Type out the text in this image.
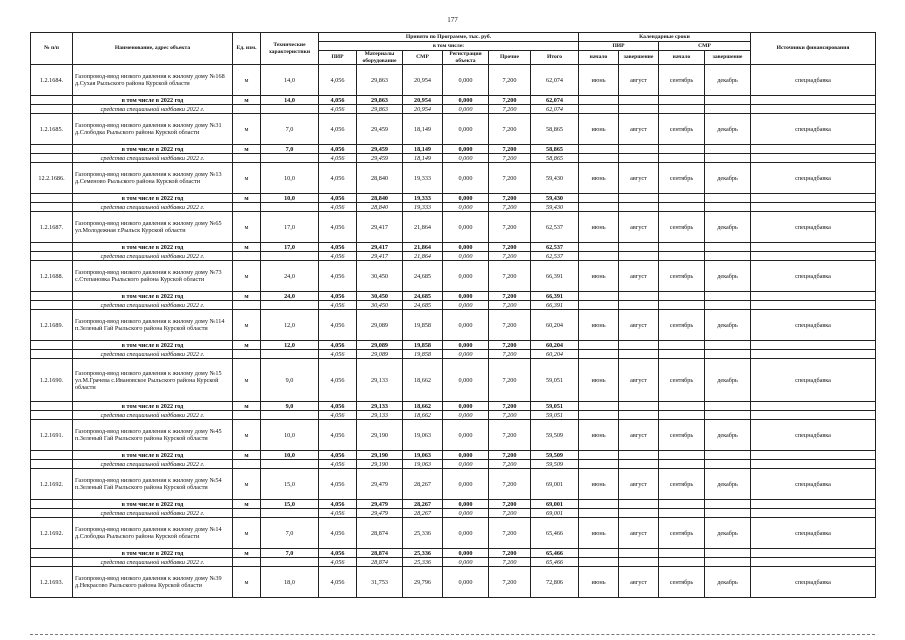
177
№ п/п	Наименование, адрес объекта	Ед. изм.	Технические характеристики	Принято по Программе, тыс. руб.						Календарные сроки				Источники финансирования
				в том числе:						ПИР		СМР		
				ПИР	Материалы оборудование	СМР	Регистрация объекта	Прочие	Итого	начало	завершение	начало	завершение	
1.2.1684.	Газопровод-ввод низкого давления к жилому дому №168 д.Сухая Рыльского района Курской области	м	14,0	4,056	29,863	20,954	0,000	7,200	62,074	июнь	август	сентябрь	декабрь	спецнадбавка
	в том числе в 2022 год	м	14,0	4,056	29,863	20,954	0,000	7,200	62,074					
	средства специальной надбавки 2022 г.			4,056	29,863	20,954	0,000	7,200	62,074					
1.2.1685.	Газопровод-ввод низкого давления к жилому дому №31 д.Слободка Рыльского района Курской области	м	7,0	4,056	29,459	18,149	0,000	7,200	58,865	июнь	август	сентябрь	декабрь	спецнадбавка
	в том числе в 2022 год	м	7,0	4,056	29,459	18,149	0,000	7,200	58,865					
	средства специальной надбавки 2022 г.			4,056	29,459	18,149	0,000	7,200	58,865					
12.2.1686.	Газопровод-ввод низкого давления к жилому дому №13 д.Семеново Рыльского района Курской области	м	10,0	4,056	28,840	19,333	0,000	7,200	59,430	июнь	август	сентябрь	декабрь	спецнадбавка
	в том числе в 2022 год	м	10,0	4,056	28,840	19,333	0,000	7,200	59,430					
	средства специальной надбавки 2022 г.			4,056	28,840	19,333	0,000	7,200	59,430					
1.2.1687.	Газопровод-ввод низкого давления к жилому дому №65 ул.Молодежная г.Рыльск Курской области	м	17,0	4,056	29,417	21,864	0,000	7,200	62,537	июнь	август	сентябрь	декабрь	спецнадбавка
	в том числе в 2022 год	м	17,0	4,056	29,417	21,864	0,000	7,200	62,537					
	средства специальной надбавки 2022 г.			4,056	29,417	21,864	0,000	7,200	62,537					
1.2.1688.	Газопровод-ввод низкого давления к жилому дому №73 с.Степановка Рыльского района Курской области	м	24,0	4,056	30,450	24,685	0,000	7,200	66,391	июнь	август	сентябрь	декабрь	спецнадбавка
	в том числе в 2022 год	м	24,0	4,056	30,450	24,685	0,000	7,200	66,391					
	средства специальной надбавки 2022 г.			4,056	30,450	24,685	0,000	7,200	66,391					
1.2.1689.	Газопровод-ввод низкого давления к жилому дому №114 п.Зеленый Гай Рыльского района Курской области	м	12,0	4,056	29,089	19,858	0,000	7,200	60,204	июнь	август	сентябрь	декабрь	спецнадбавка
	в том числе в 2022 год	м	12,0	4,056	29,089	19,858	0,000	7,200	60,204					
	средства специальной надбавки 2022 г.			4,056	29,089	19,858	0,000	7,200	60,204					
1.2.1690.	Газопровод-ввод низкого давления к жилому дому №15 ул.М.Грачева с.Ивановское Рыльского района Курской области	м	9,0	4,056	29,133	18,662	0,000	7,200	59,051	июнь	август	сентябрь	декабрь	спецнадбавка
	в том числе в 2022 год	м	9,0	4,056	29,133	18,662	0,000	7,200	59,051					
	средства специальной надбавки 2022 г.			4,056	29,133	18,662	0,000	7,200	59,051					
1.2.1691.	Газопровод-ввод низкого давления к жилому дому №45 п.Зеленый Гай Рыльского района Курской области	м	10,0	4,056	29,190	19,063	0,000	7,200	59,509	июнь	август	сентябрь	декабрь	спецнадбавка
	в том числе в 2022 год	м	10,0	4,056	29,190	19,063	0,000	7,200	59,509					
	средства специальной надбавки 2022 г.			4,056	29,190	19,063	0,000	7,200	59,509					
1.2.1692.	Газопровод-ввод низкого давления к жилому дому №54 п.Зеленый Гай Рыльского района Курской области	м	15,0	4,056	29,479	28,267	0,000	7,200	69,001	июнь	август	сентябрь	декабрь	спецнадбавка
	в том числе в 2022 год	м	15,0	4,056	29,479	28,267	0,000	7,200	69,001					
	средства специальной надбавки 2022 г.			4,056	29,479	28,267	0,000	7,200	69,001					
1.2.1692.	Газопровод-ввод низкого давления к жилому дому №14 д.Слободка Рыльского района Курской области	м	7,0	4,056	28,874	25,336	0,000	7,200	65,466	июнь	август	сентябрь	декабрь	спецнадбавка
	в том числе в 2022 год	м	7,0	4,056	28,874	25,336	0,000	7,200	65,466					
	средства специальной надбавки 2022 г.			4,056	28,874	25,336	0,000	7,200	65,466					
1.2.1693.	Газопровод-ввод низкого давления к жилому дому №39 д.Некрасово Рыльского района Курской области	м	18,0	4,056	31,753	29,796	0,000	7,200	72,806	июнь	август	сентябрь	декабрь	спецнадбавка
